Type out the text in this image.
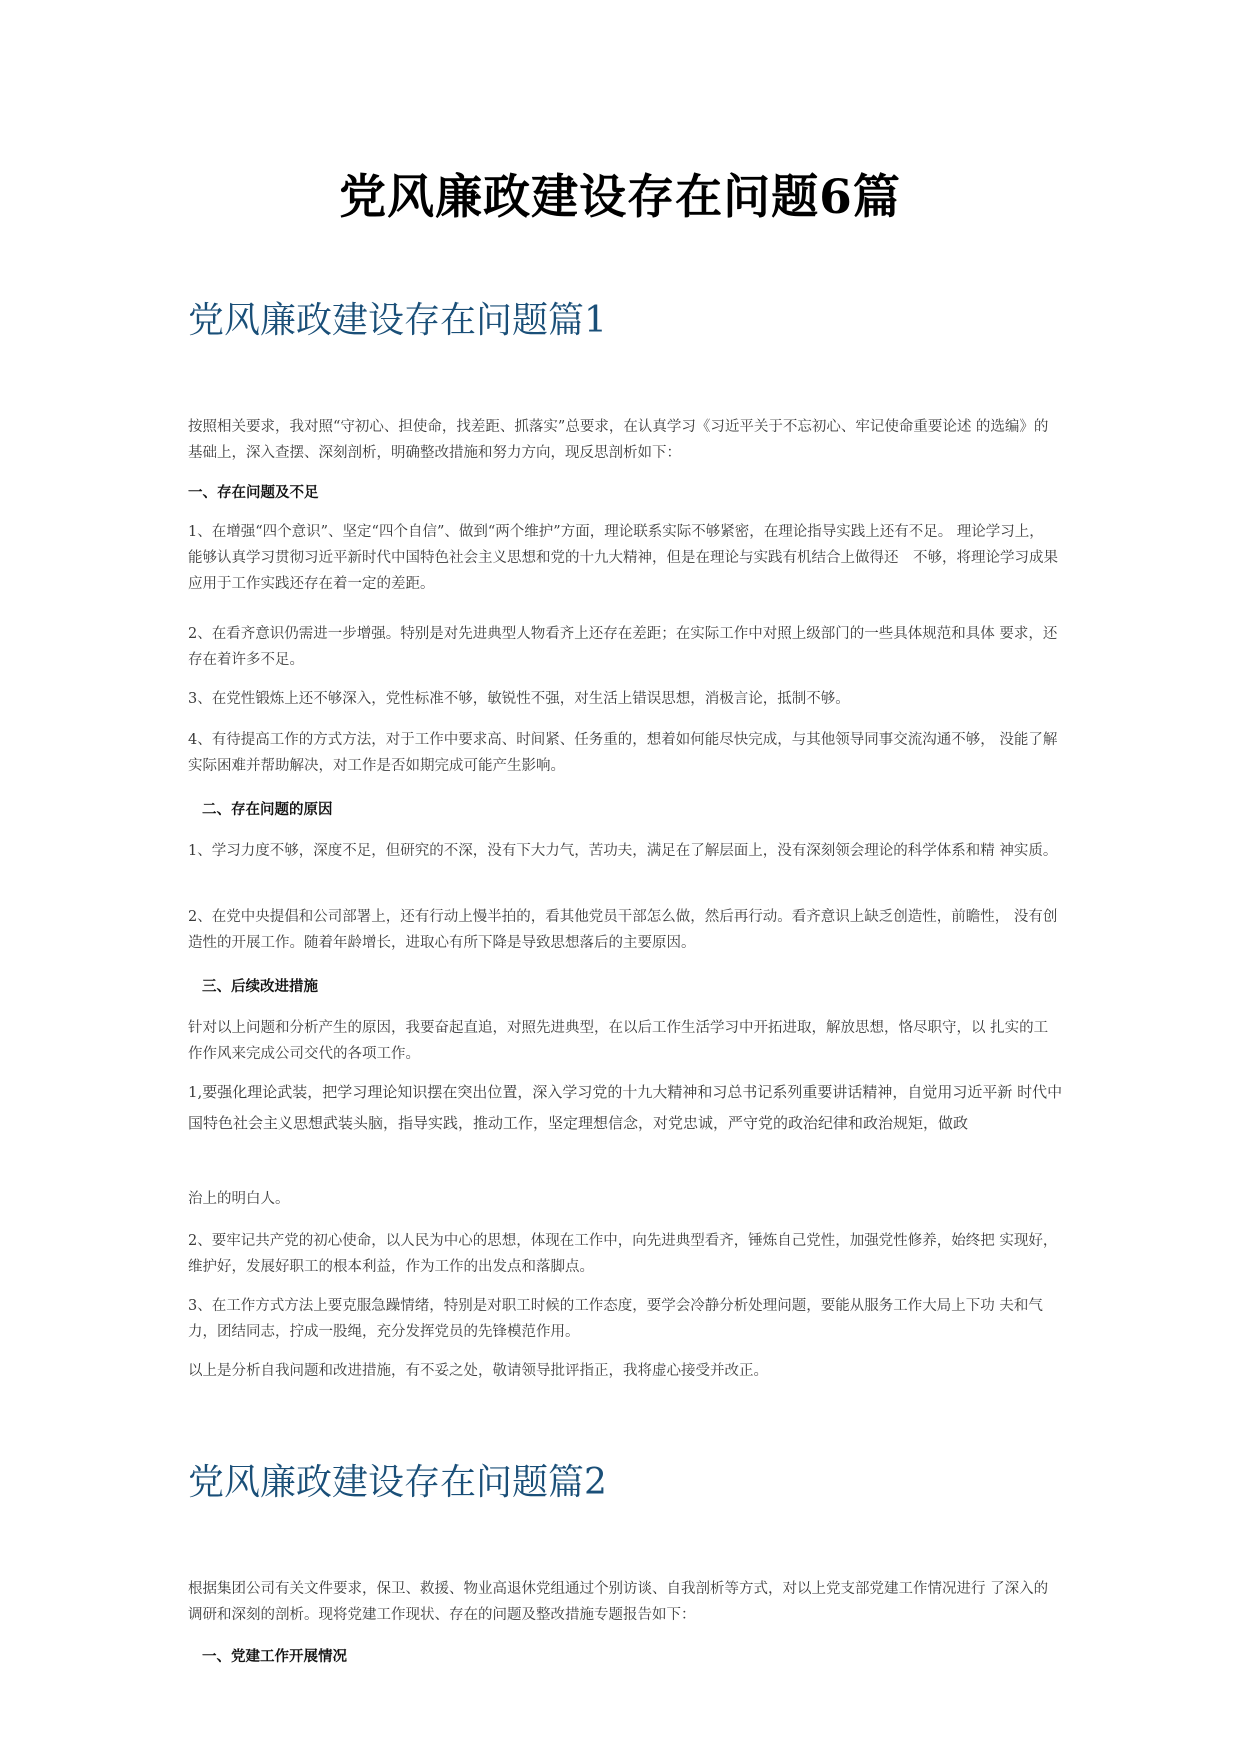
党风廉政建设存在问题6篇
党风廉政建设存在问题篇1

按照相关要求，我对照“守初心、担使命，找差距、抓落实”总要求，在认真学习《习近平关于不忘初心、牢记使命重要论述 的选编》的基础上，深入查摆、深刻剖析，明确整改措施和努力方向，现反思剖析如下：

一、存在问题及不足

1、在增强“四个意识”、坚定“四个自信”、做到“两个维护”方面，理论联系实际不够紧密，在理论指导实践上还有不足。 理论学习上，能够认真学习贯彻习近平新时代中国特色社会主义思想和党的十九大精神，但是在理论与实践有机结合上做得还　不够，将理论学习成果应用于工作实践还存在着一定的差距。

2、在看齐意识仍需进一步增强。特别是对先进典型人物看齐上还存在差距；在实际工作中对照上级部门的一些具体规范和具体 要求，还存在着许多不足。

3、在党性锻炼上还不够深入，党性标准不够，敏锐性不强，对生活上错误思想，消极言论，抵制不够。

4、有待提高工作的方式方法，对于工作中要求高、时间紧、任务重的，想着如何能尽快完成，与其他领导同事交流沟通不够， 没能了解实际困难并帮助解决，对工作是否如期完成可能产生影响。

二、存在问题的原因

1、学习力度不够，深度不足，但研究的不深，没有下大力气，苦功夫，满足在了解层面上，没有深刻领会理论的科学体系和精 神实质。

2、在党中央提倡和公司部署上，还有行动上慢半拍的，看其他党员干部怎么做，然后再行动。看齐意识上缺乏创造性，前瞻性， 没有创造性的开展工作。随着年龄增长，进取心有所下降是导致思想落后的主要原因。

三、后续改进措施

针对以上问题和分析产生的原因，我要奋起直追，对照先进典型，在以后工作生活学习中开拓进取，解放思想，恪尽职守，以 扎实的工作作风来完成公司交代的各项工作。

1,要强化理论武装，把学习理论知识摆在突出位置，深入学习党的十九大精神和习总书记系列重要讲话精神，自觉用习近平新 时代中国特色社会主义思想武装头脑，指导实践，推动工作，坚定理想信念，对党忠诚，严守党的政治纪律和政治规矩，做政

治上的明白人。

2、要牢记共产党的初心使命，以人民为中心的思想，体现在工作中，向先进典型看齐，锤炼自己党性，加强党性修养，始终把 实现好，维护好，发展好职工的根本利益，作为工作的出发点和落脚点。

3、在工作方式方法上要克服急躁情绪，特别是对职工时候的工作态度，要学会冷静分析处理问题，要能从服务工作大局上下功 夫和气力，团结同志，拧成一股绳，充分发挥党员的先锋模范作用。

以上是分析自我问题和改进措施，有不妥之处，敬请领导批评指正，我将虚心接受并改正。

党风廉政建设存在问题篇2

根据集团公司有关文件要求，保卫、救援、物业高退休党组通过个别访谈、自我剖析等方式，对以上党支部党建工作情况进行 了深入的调研和深刻的剖析。现将党建工作现状、存在的问题及整改措施专题报告如下：

一、党建工作开展情况
